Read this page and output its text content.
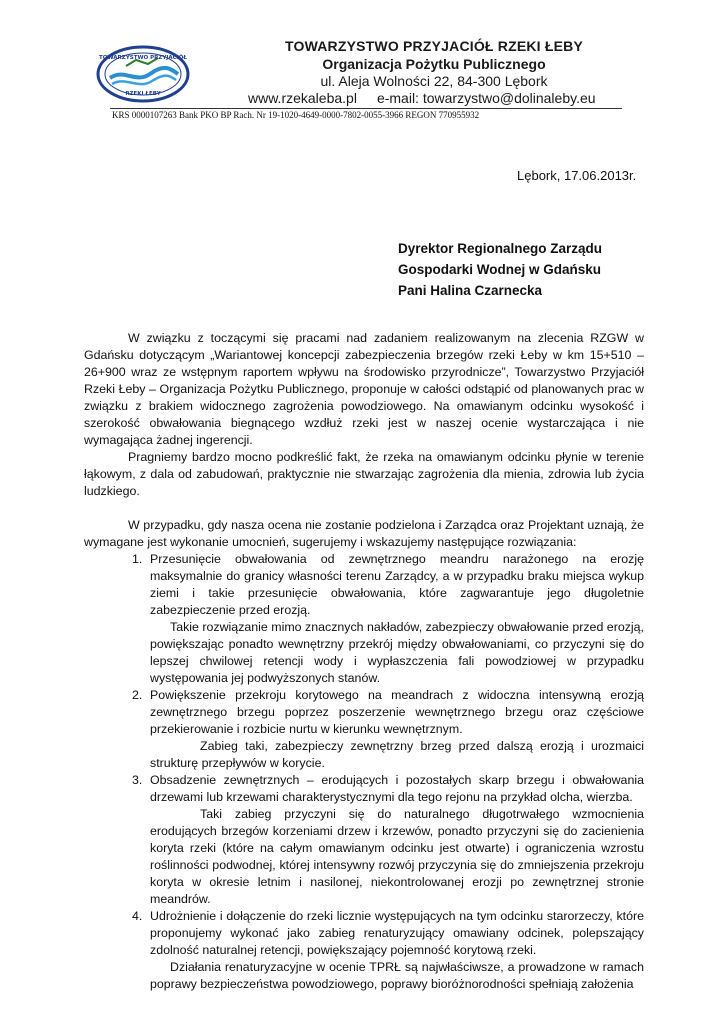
TOWARZYSTWO PRZYJACIÓŁ
RZEKI ŁEBY
TOWARZYSTWO PRZYJACIÓŁ RZEKI ŁEBY
Organizacja Pożytku Publicznego
ul. Aleja Wolności 22, 84-300 Lębork
www.rzekaleba.pl e-mail: towarzystwo@dolinaleby.eu
KRS 0000107263 Bank PKO BP Rach. Nr 19-1020-4649-0000-7802-0055-3966 REGON 770955932
Lębork, 17.06.2013r.
Dyrektor Regionalnego Zarządu
Gospodarki Wodnej w Gdańsku
Pani Halina Czarnecka

W związku z toczącymi się pracami nad zadaniem realizowanym na zlecenia RZGW w Gdańsku dotyczącym „Wariantowej koncepcji zabezpieczenia brzegów rzeki Łeby w km 15+510 – 26+900 wraz ze wstępnym raportem wpływu na środowisko przyrodnicze”, Towarzystwo Przyjaciół Rzeki Łeby – Organizacja Pożytku Publicznego, proponuje w całości odstąpić od planowanych prac w związku z brakiem widocznego zagrożenia powodziowego. Na omawianym odcinku wysokość i szerokość obwałowania biegnącego wzdłuż rzeki jest w naszej ocenie wystarczająca i nie wymagająca żadnej ingerencji.

Pragniemy bardzo mocno podkreślić fakt, że rzeka na omawianym odcinku płynie w terenie łąkowym, z dala od zabudowań, praktycznie nie stwarzając zagrożenia dla mienia, zdrowia lub życia ludzkiego.

W przypadku, gdy nasza ocena nie zostanie podzielona i Zarządca oraz Projektant uznają, że wymagane jest wykonanie umocnień, sugerujemy i wskazujemy następujące rozwiązania:

1. Przesunięcie obwałowania od zewnętrznego meandru narażonego na erozję maksymalnie do granicy własności terenu Zarządcy, a w przypadku braku miejsca wykup ziemi i takie przesunięcie obwałowania, które zagwarantuje jego długoletnie zabezpieczenie przed erozją.

Takie rozwiązanie mimo znacznych nakładów, zabezpieczy obwałowanie przed erozją, powiększając ponadto wewnętrzny przekrój między obwałowaniami, co przyczyni się do lepszej chwilowej retencji wody i wypłaszczenia fali powodziowej w przypadku występowania jej podwyższonych stanów.

2. Powiększenie przekroju korytowego na meandrach z widoczna intensywną erozją zewnętrznego brzegu poprzez poszerzenie wewnętrznego brzegu oraz częściowe przekierowanie i rozbicie nurtu w kierunku wewnętrznym.

Zabieg taki, zabezpieczy zewnętrzny brzeg przed dalszą erozją i urozmaici strukturę przepływów w korycie.

3. Obsadzenie zewnętrznych – erodujących i pozostałych skarp brzegu i obwałowania drzewami lub krzewami charakterystycznymi dla tego rejonu na przykład olcha, wierzba.

Taki zabieg przyczyni się do naturalnego długotrwałego wzmocnienia erodujących brzegów korzeniami drzew i krzewów, ponadto przyczyni się do zacienienia koryta rzeki (które na całym omawianym odcinku jest otwarte) i ograniczenia wzrostu roślinności podwodnej, której intensywny rozwój przyczynia się do zmniejszenia przekroju koryta w okresie letnim i nasilonej, niekontrolowanej erozji po zewnętrznej stronie meandrów.

4. Udrożnienie i dołączenie do rzeki licznie występujących na tym odcinku starorzeczy, które proponujemy wykonać jako zabieg renaturyzujący omawiany odcinek, polepszający zdolność naturalnej retencji, powiększający pojemność korytową rzeki.

Działania renaturyzacyjne w ocenie TPRŁ są najwłaściwsze, a prowadzone w ramach poprawy bezpieczeństwa powodziowego, poprawy bioróżnorodności spełniają założenia
